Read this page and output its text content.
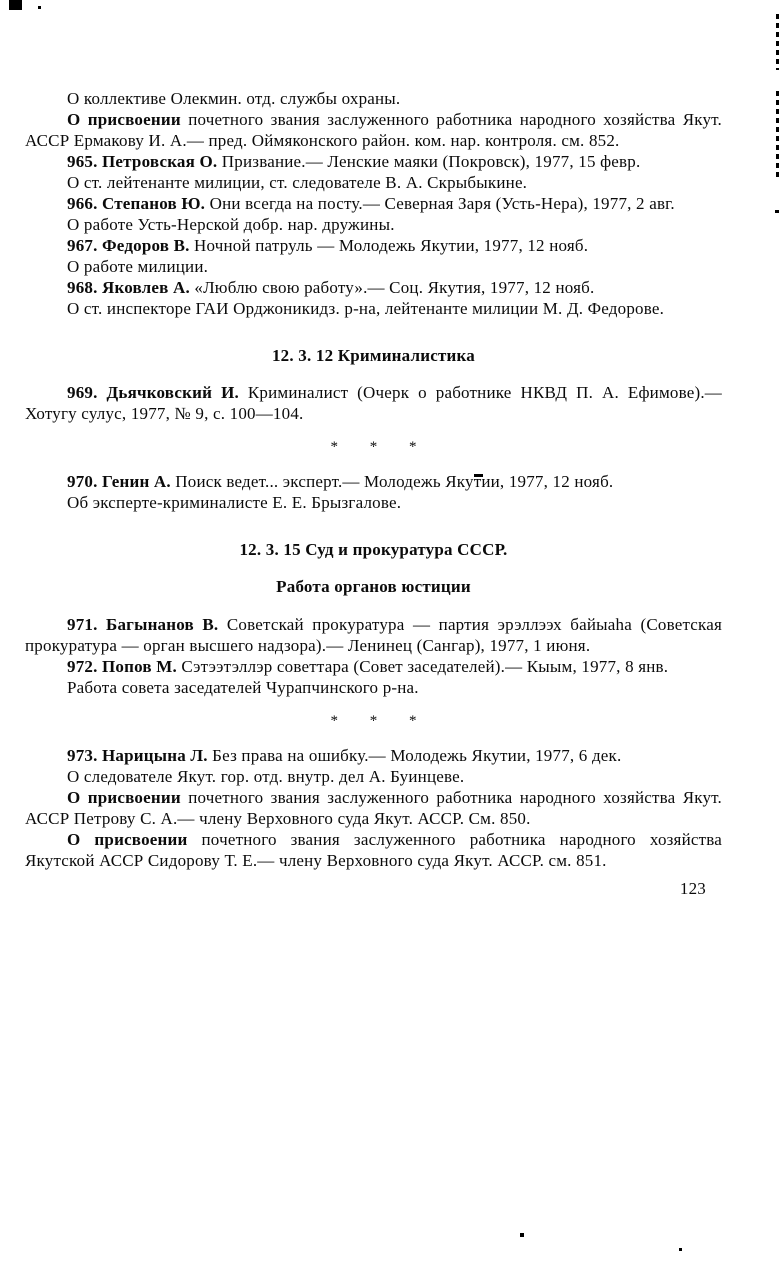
О коллективе Олекмин. отд. службы охраны.

О присвоении почетного звания заслуженного работника народного хозяйства Якут. АССР Ермакову И. А.— пред. Оймяконского район. ком. нар. контроля. см. 852.

965. Петровская О. Призвание.— Ленские маяки (Покровск), 1977, 15 февр.

О ст. лейтенанте милиции, ст. следователе В. А. Скрыбыкине.

966. Степанов Ю. Они всегда на посту.— Северная Заря (Усть-Нера), 1977, 2 авг.

О работе Усть-Нерской добр. нар. дружины.

967. Федоров В. Ночной патруль — Молодежь Якутии, 1977, 12 нояб.

О работе милиции.

968. Яковлев А. «Люблю свою работу».— Соц. Якутия, 1977, 12 нояб.

О ст. инспекторе ГАИ Орджоникидз. р-на, лейтенанте милиции М. Д. Федорове.

12. 3. 12 Криминалистика

969. Дьячковский И. Криминалист (Очерк о работнике НКВД П. А. Ефимове).— Хотугу сулус, 1977, № 9, с. 100—104.

* * *

970. Генин А. Поиск ведет... эксперт.— Молодежь Якутии, 1977, 12 нояб.

Об эксперте-криминалисте Е. Е. Брызгалове.

12. 3. 15 Суд и прокуратура СССР.

Работа органов юстиции

971. Багынанов В. Советскай прокуратура — партия эрэллээх байыаһа (Советская прокуратура — орган высшего надзора).— Ленинец (Сангар), 1977, 1 июня.

972. Попов М. Сэтээтэллэр советтара (Совет заседателей).— Кыым, 1977, 8 янв.

Работа совета заседателей Чурапчинского р-на.

* * *

973. Нарицына Л. Без права на ошибку.— Молодежь Якутии, 1977, 6 дек.

О следователе Якут. гор. отд. внутр. дел А. Буинцеве.

О присвоении почетного звания заслуженного работника народного хозяйства Якут. АССР Петрову С. А.— члену Верховного суда Якут. АССР. См. 850.

О присвоении почетного звания заслуженного работника народного хозяйства Якутской АССР Сидорову Т. Е.— члену Верховного суда Якут. АССР. см. 851.

123
